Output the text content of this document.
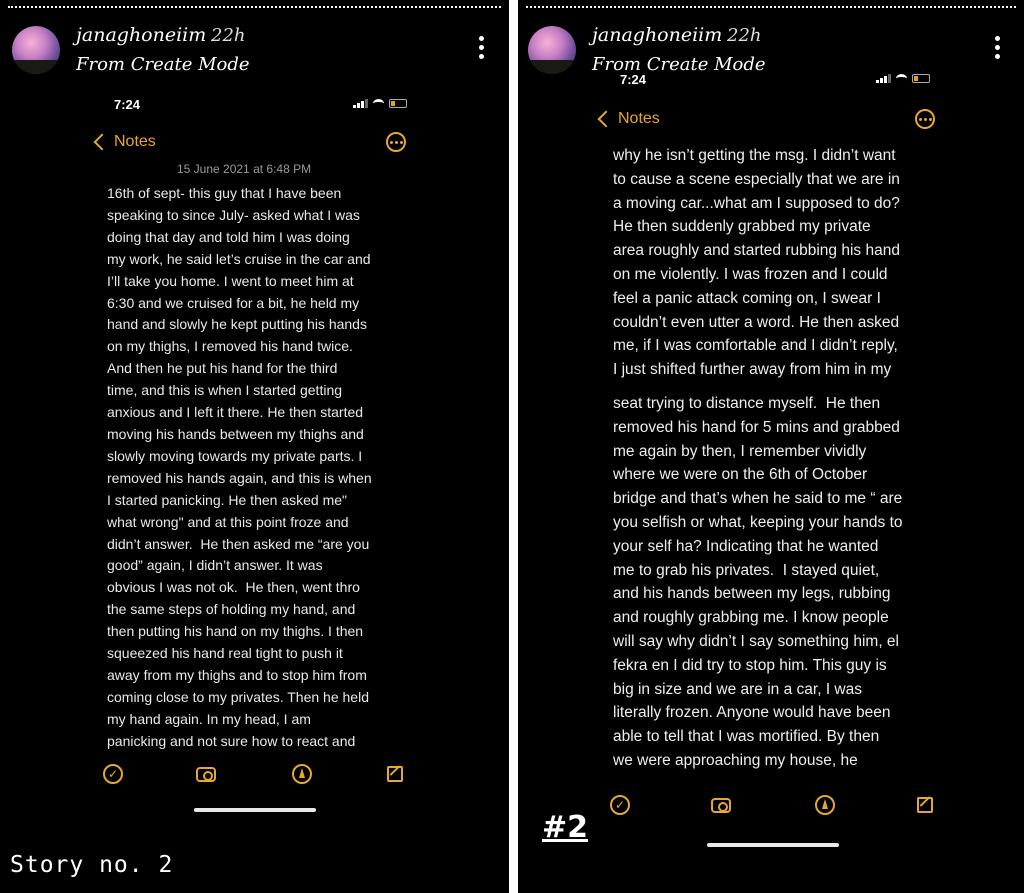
janaghoneiim 22h
From Create Mode
7:24
Notes
15 June 2021 at 6:48 PM
16th of sept- this guy that I have been
speaking to since July- asked what I was
doing that day and told him I was doing
my work, he said let’s cruise in the car and
I’ll take you home. I went to meet him at
6:30 and we cruised for a bit, he held my
hand and slowly he kept putting his hands
on my thighs, I removed his hand twice.
And then he put his hand for the third
time, and this is when I started getting
anxious and I left it there. He then started
moving his hands between my thighs and
slowly moving towards my private parts. I
removed his hands again, and this is when
I started panicking. He then asked me"
what wrong" and at this point froze and
didn’t answer.  He then asked me “are you
good” again, I didn’t answer. It was
obvious I was not ok.  He then, went thro
the same steps of holding my hand, and
then putting his hand on my thighs. I then
squeezed his hand real tight to push it
away from my thighs and to stop him from
coming close to my privates. Then he held
my hand again. In my head, I am
panicking and not sure how to react and
✓
Story no. 2
janaghoneiim 22h
From Create Mode
7:24
Notes
why he isn’t getting the msg. I didn’t want
to cause a scene especially that we are in
a moving car...what am I supposed to do?
He then suddenly grabbed my private
area roughly and started rubbing his hand
on me violently. I was frozen and I could
feel a panic attack coming on, I swear I
couldn’t even utter a word. He then asked
me, if I was comfortable and I didn’t reply,
I just shifted further away from him in my
seat trying to distance myself.  He then
removed his hand for 5 mins and grabbed
me again by then, I remember vividly
where we were on the 6th of October
bridge and that’s when he said to me “ are
you selfish or what, keeping your hands to
your self ha? Indicating that he wanted
me to grab his privates.  I stayed quiet,
and his hands between my legs, rubbing
and roughly grabbing me. I know people
will say why didn’t I say something him, el
fekra en I did try to stop him. This guy is
big in size and we are in a car, I was
literally frozen. Anyone would have been
able to tell that I was mortified. By then
we were approaching my house, he
✓
#2
